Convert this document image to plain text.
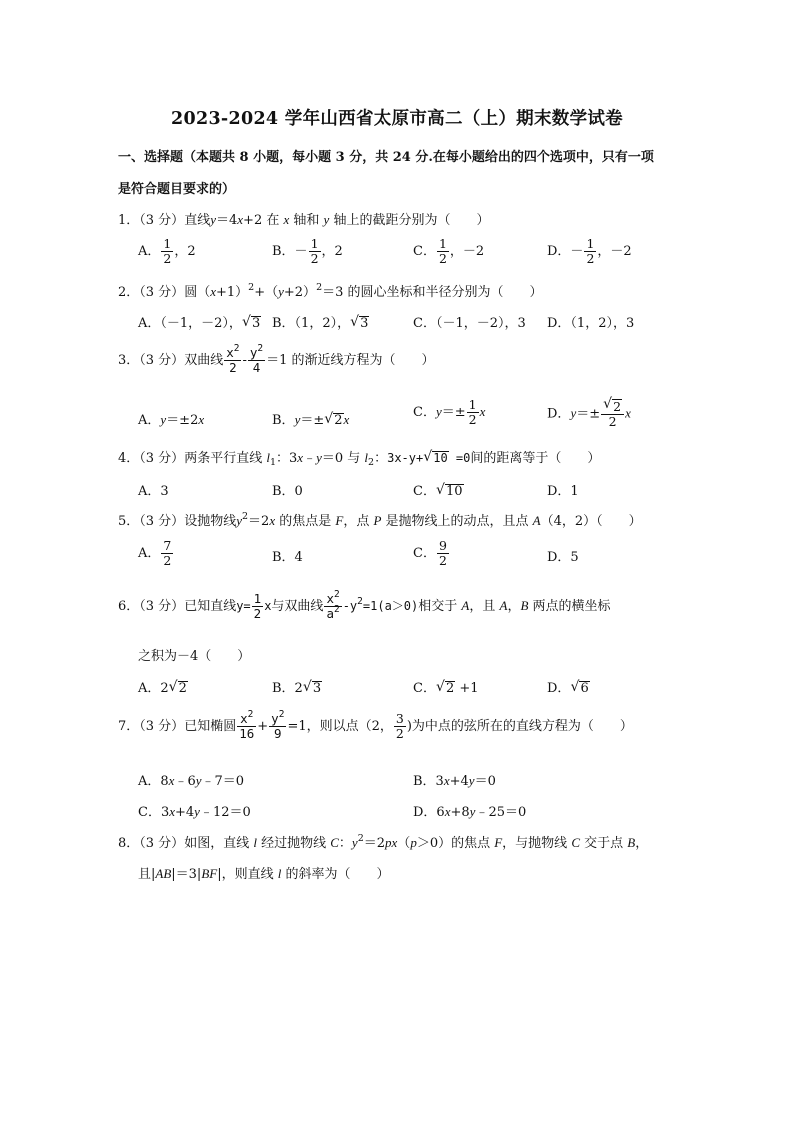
2023-2024 学年山西省太原市高二（上）期末数学试卷
一、选择题（本题共 8 小题，每小题 3 分，共 24 分.在每小题给出的四个选项中，只有一项
是符合题目要求的）
1．（3 分）直线y＝4x+2 在 x 轴和 y 轴上的截距分别为（　　）
A． $\frac{1}{2}$ ，2	B．－ $\frac{1}{2}$ ，2	C． $\frac{1}{2}$ ，－2	D．－ $\frac{1}{2}$ ，－2
2．（3 分）圆$(x+1)^2+(y+2)^2=3$ 的圆心坐标和半径分别为（　　）
A．（－1，－2）， √ 3 B．（1，2）， √ 3	C．（－1，－2），3 D．（1，2），3
3．（3 分）双曲线 $\frac{x^2}{2} - \frac{y^2}{4} =1$ 的渐近线方程为（　　）
A．y＝±2x	B．y＝± √ 2x	C．$y=\pm \frac{1}{2}$ x	D．$y=\pm \frac{√ 2}{2}$ x
4．（3 分）两条平行直线 $l_1$：3x﹣y＝0 与 $l_2$：3x-y+ √ 10 =0间的距离等于（　　）
A．3	B．0	C． √ 10	D．1
5．（3 分）设抛物线$y^2=2x$ 的焦点是 F，点 P 是抛物线上的动点，且点 A（4，2）（　　）
A． $\frac{7}{2}$	B．4	C． $\frac{9}{2}$	D．5
6．（3 分）已知直线$y= \frac{1}{2}$ x与双曲线 $\frac{x^2}{a^2} -y^2=1(a>0)$相交于 A，且 A，B 两点的横坐标
之积为－4（　　）
A．2 √ 2	B．2 √ 3	C． √ 2 +1	D． √ 6
7．（3 分）已知椭圆 $\frac{x^2}{16} + \frac{y^2}{9} =1$，则以点（2， $\frac{3}{2}$ )为中点的弦所在的直线方程为（　　）
A．8x﹣6y﹣7＝0	B．3x+4y＝0
C．3x+4y﹣12＝0	D．6x+8y﹣25＝0
8．（3 分）如图，直线 l 经过抛物线 C：$y^2=2px(p>0)$的焦点 F，与抛物线 C 交于点 B，
且|AB|＝3|BF|，则直线 l 的斜率为（　　）
